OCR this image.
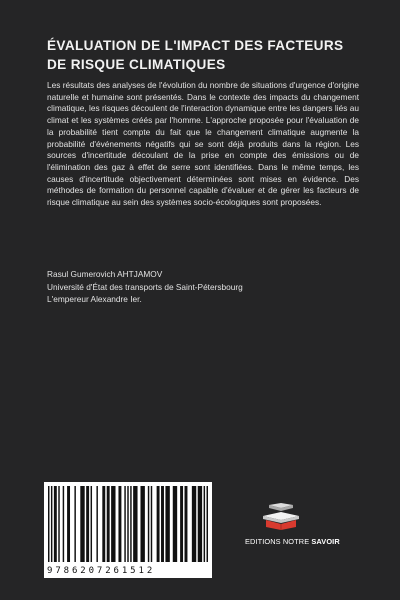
ÉVALUATION DE L'IMPACT DES FACTEURS DE RISQUE CLIMATIQUES

Les résultats des analyses de l'évolution du nombre de situations d'urgence d'origine naturelle et humaine sont présentés. Dans le contexte des impacts du changement climatique, les risques découlent de l'interaction dynamique entre les dangers liés au climat et les systèmes créés par l'homme. L'approche proposée pour l'évaluation de la probabilité tient compte du fait que le changement climatique augmente la probabilité d'événements négatifs qui se sont déjà produits dans la région. Les sources d'incertitude découlant de la prise en compte des émissions ou de l'élimination des gaz à effet de serre sont identifiées. Dans le même temps, les causes d'incertitude objectivement déterminées sont mises en évidence. Des méthodes de formation du personnel capable d'évaluer et de gérer les facteurs de risque climatique au sein des systèmes socio-écologiques sont proposées.

Rasul Gumerovich AHTJAMOV
Université d'État des transports de Saint-Pétersbourg
L'empereur Alexandre Ier.
9786207261512
EDITIONS NOTRE SAVOIR
